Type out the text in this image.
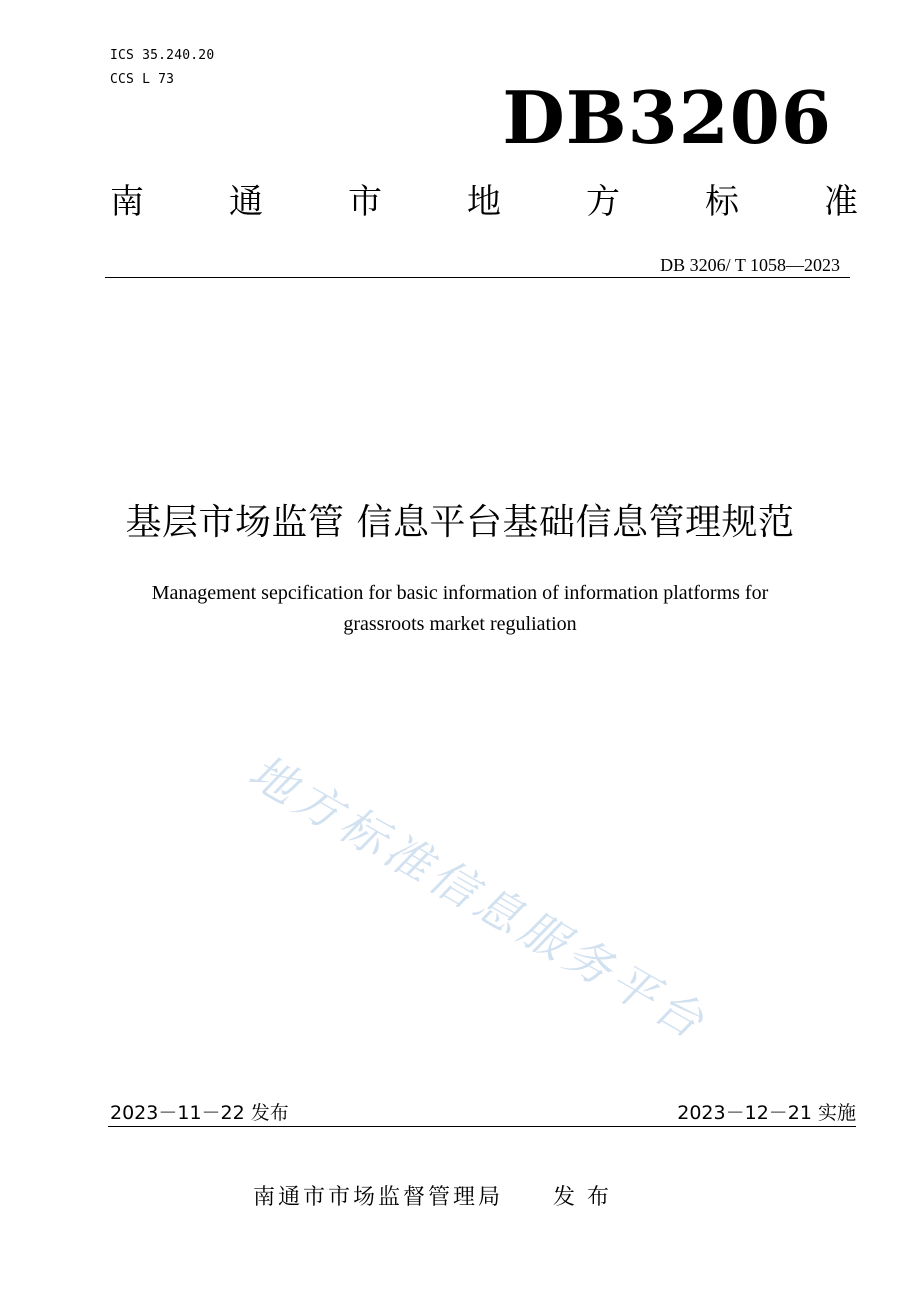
ICS 35.240.20
CCS L 73	DB3206
南	通	市	地	方	标	准
DB 3206/ T 1058—2023
基层市场监管 信息平台基础信息管理规范
Management sepcification for basic information of information platforms for
grassroots market reguliation
地方标准信息服务平台
2023－11－22 发布	2023－12－21 实施
南通市市场监督管理局 发布
